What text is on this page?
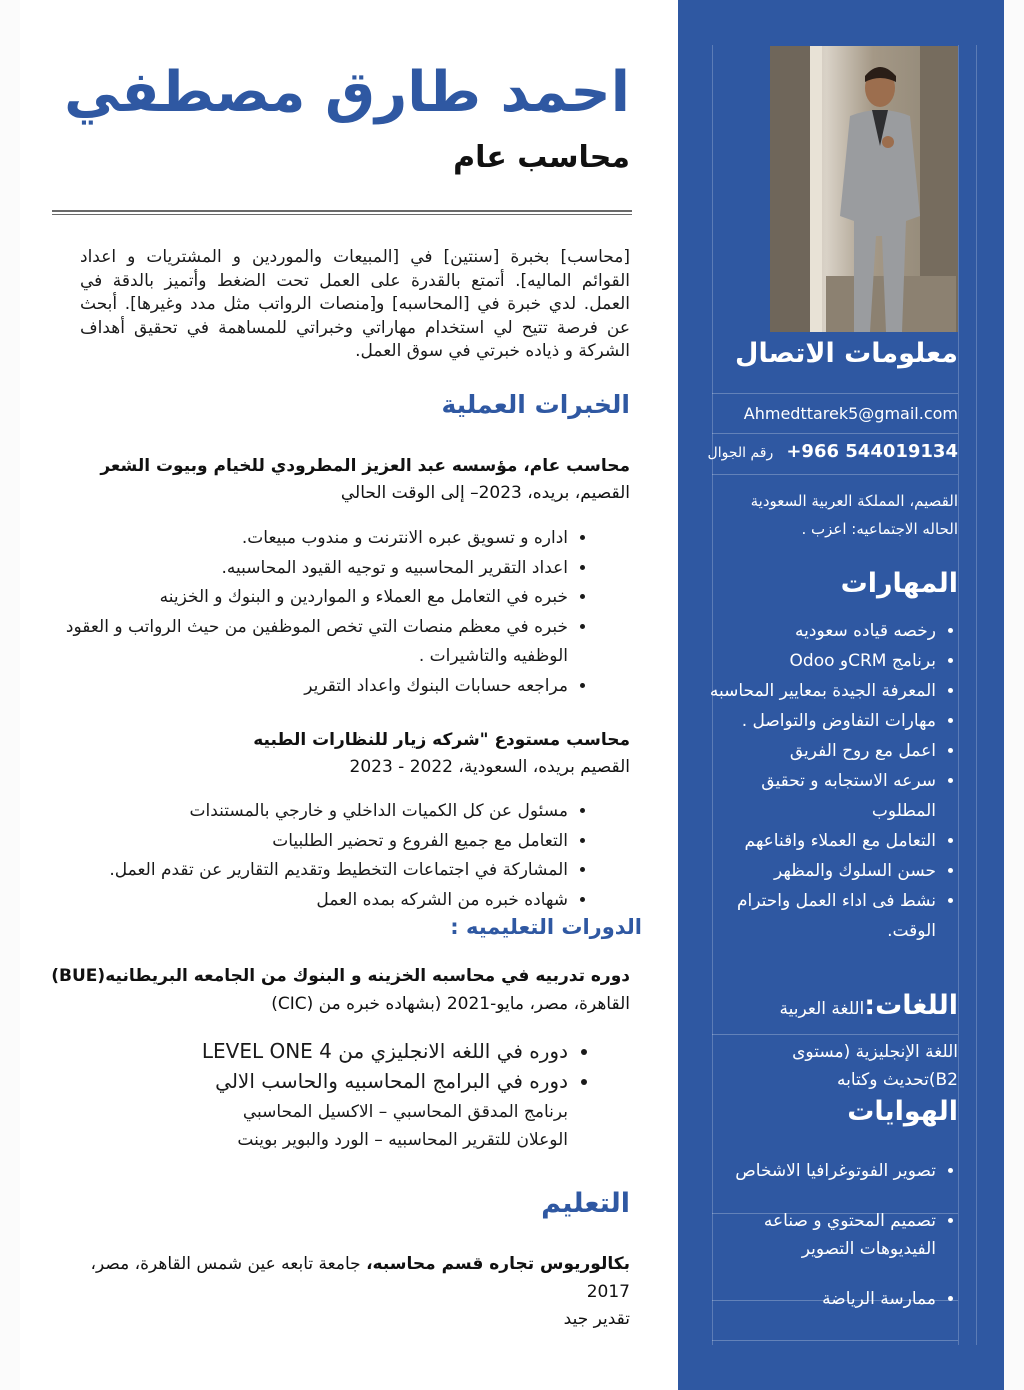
احمد طارق مصطفي
محاسب عام
[محاسب] بخبرة [سنتين] في [المبيعات والموردين و المشتريات و اعداد القوائم الماليه]. أتمتع بالقدرة على العمل تحت الضغط وأتميز بالدقة في العمل. لدي خبرة في [المحاسبه] و[منصات الرواتب مثل مدد وغيرها]. أبحث عن فرصة تتيح لي استخدام مهاراتي وخبراتي للمساهمة في تحقيق أهداف الشركة و ذياده خبرتي في سوق العمل.
الخبرات العملية
محاسب عام، مؤسسه عبد العزيز المطرودي للخيام وبيوت الشعر
القصيم، بريده، 2023– إلى الوقت الحالي
• اداره و تسويق عبره الانترنت و مندوب مبيعات.
• اعداد التقرير المحاسبيه و توجيه القيود المحاسبيه.
• خبره في التعامل مع العملاء و المواردين و البنوك و الخزينه
• خبره في معظم منصات التي تخص الموظفين من حيث الرواتب و العقود الوظفيه والتاشيرات .
• مراجعه حسابات البنوك واعداد التقرير
محاسب مستودع "شركه زيار للنظارات الطبيه
القصيم بريده، السعودية، 2022 - 2023
• مسئول عن كل الكميات الداخلي و خارجي بالمستندات
• التعامل مع جميع الفروع و تحضير الطلبيات
• المشاركة في اجتماعات التخطيط وتقديم التقارير عن تقدم العمل.
• شهاده خبره من الشركه بمده العمل
الدورات التعليميه :
دوره تدربيه في محاسبه الخزينه و البنوك من الجامعه البريطانيه(BUE)
القاهرة، مصر، مايو-2021 (بشهاده خبره من (CIC)
• دوره في اللغه الانجليزي من LEVEL ONE 4
• دوره في البرامج المحاسبيه والحاسب الالي
برنامج المدقق المحاسبي – الاكسيل المحاسبي
الوعلان للتقرير المحاسبيه – الورد والبوير بوينت
التعليم
بكالوريوس تجاره قسم محاسبه، جامعة تابعه عين شمس القاهرة، مصر،
2017
تقدير جيد
معلومات الاتصال
Ahmedttarek5@gmail.com
+966 544019134 رقم الجوال
القصيم، المملكة العربية السعودية
الحاله الاجتماعيه: اعزب .
المهارات
• رخصه قياده سعوديه
• برنامج CRMو Odoo
• المعرفة الجيدة بمعايير المحاسبه
• مهارات التفاوض والتواصل .
• اعمل مع روح الفريق
• سرعه الاستجابه و تحقيق المطلوب
• التعامل مع العملاء واقناعهم
• حسن السلوك والمظهر
• نشط فى اداء العمل واحترام الوقت.
اللغات:اللغة العربية
اللغة الإنجليزية (مستوى B2)تحديث وكتابه
الهوايات
• تصوير الفوتوغرافيا الاشخاص
• تصميم المحتوي و صناعه الفيديوهات التصوير
• ممارسة الرياضة
